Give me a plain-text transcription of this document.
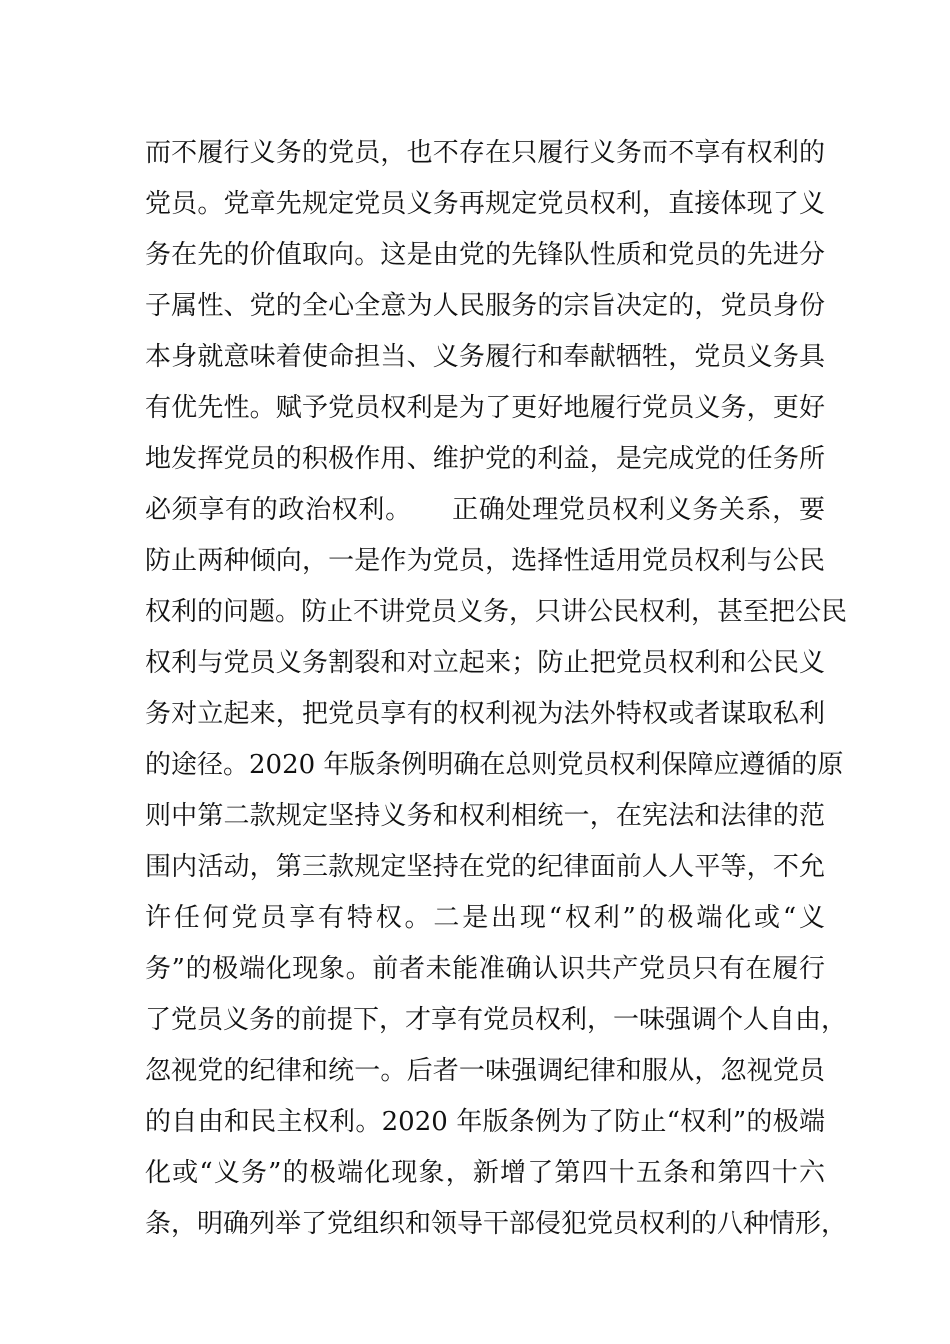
而不履行义务的党员，也不存在只履行义务而不享有权利的
党员。党章先规定党员义务再规定党员权利，直接体现了义
务在先的价值取向。这是由党的先锋队性质和党员的先进分
子属性、党的全心全意为人民服务的宗旨决定的，党员身份
本身就意味着使命担当、义务履行和奉献牺牲，党员义务具
有优先性。赋予党员权利是为了更好地履行党员义务，更好
地发挥党员的积极作用、维护党的利益，是完成党的任务所
必须享有的政治权利。　　正确处理党员权利义务关系，要
防止两种倾向，一是作为党员，选择性适用党员权利与公民
权利的问题。防止不讲党员义务，只讲公民权利，甚至把公民
权利与党员义务割裂和对立起来；防止把党员权利和公民义
务对立起来，把党员享有的权利视为法外特权或者谋取私利
的途径。2020 年版条例明确在总则党员权利保障应遵循的原
则中第二款规定坚持义务和权利相统一，在宪法和法律的范
围内活动，第三款规定坚持在党的纪律面前人人平等，不允
许任何党员享有特权。二是出现“权利”的极端化或“义
务”的极端化现象。前者未能准确认识共产党员只有在履行
了党员义务的前提下，才享有党员权利，一味强调个人自由，
忽视党的纪律和统一。后者一味强调纪律和服从，忽视党员
的自由和民主权利。2020 年版条例为了防止“权利”的极端
化或“义务”的极端化现象，新增了第四十五条和第四十六
条，明确列举了党组织和领导干部侵犯党员权利的八种情形，
